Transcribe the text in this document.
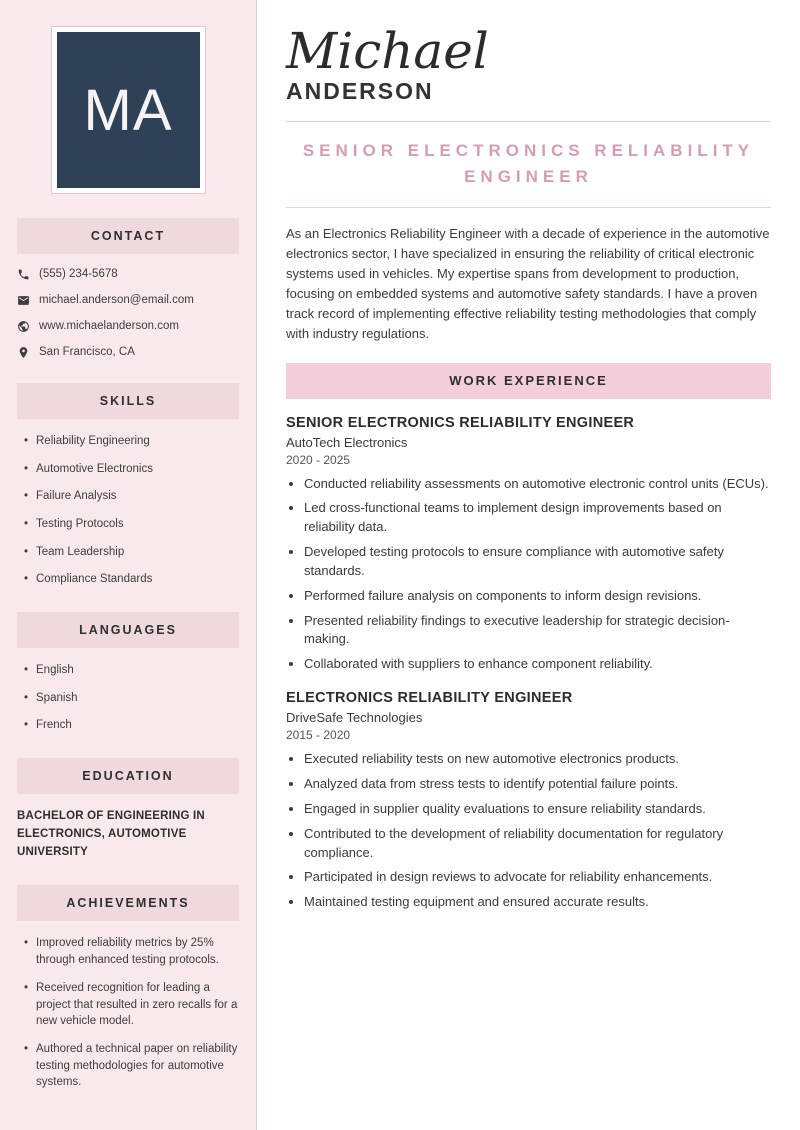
MA
CONTACT
(555) 234-5678
michael.anderson@email.com
www.michaelanderson.com
San Francisco, CA
SKILLS
• Reliability Engineering
• Automotive Electronics
• Failure Analysis
• Testing Protocols
• Team Leadership
• Compliance Standards
LANGUAGES
• English
• Spanish
• French
EDUCATION
BACHELOR OF ENGINEERING IN ELECTRONICS, AUTOMOTIVE UNIVERSITY
ACHIEVEMENTS
• Improved reliability metrics by 25% through enhanced testing protocols.
• Received recognition for leading a project that resulted in zero recalls for a new vehicle model.
• Authored a technical paper on reliability testing methodologies for automotive systems.
Michael
ANDERSON
SENIOR ELECTRONICS RELIABILITY ENGINEER

As an Electronics Reliability Engineer with a decade of experience in the automotive electronics sector, I have specialized in ensuring the reliability of critical electronic systems used in vehicles. My expertise spans from development to production, focusing on embedded systems and automotive safety standards. I have a proven track record of implementing effective reliability testing methodologies that comply with industry regulations.

WORK EXPERIENCE
SENIOR ELECTRONICS RELIABILITY ENGINEER
AutoTech Electronics
2020 - 2025
• Conducted reliability assessments on automotive electronic control units (ECUs).
• Led cross-functional teams to implement design improvements based on reliability data.
• Developed testing protocols to ensure compliance with automotive safety standards.
• Performed failure analysis on components to inform design revisions.
• Presented reliability findings to executive leadership for strategic decision-making.
• Collaborated with suppliers to enhance component reliability.
ELECTRONICS RELIABILITY ENGINEER
DriveSafe Technologies
2015 - 2020
• Executed reliability tests on new automotive electronics products.
• Analyzed data from stress tests to identify potential failure points.
• Engaged in supplier quality evaluations to ensure reliability standards.
• Contributed to the development of reliability documentation for regulatory compliance.
• Participated in design reviews to advocate for reliability enhancements.
• Maintained testing equipment and ensured accurate results.
